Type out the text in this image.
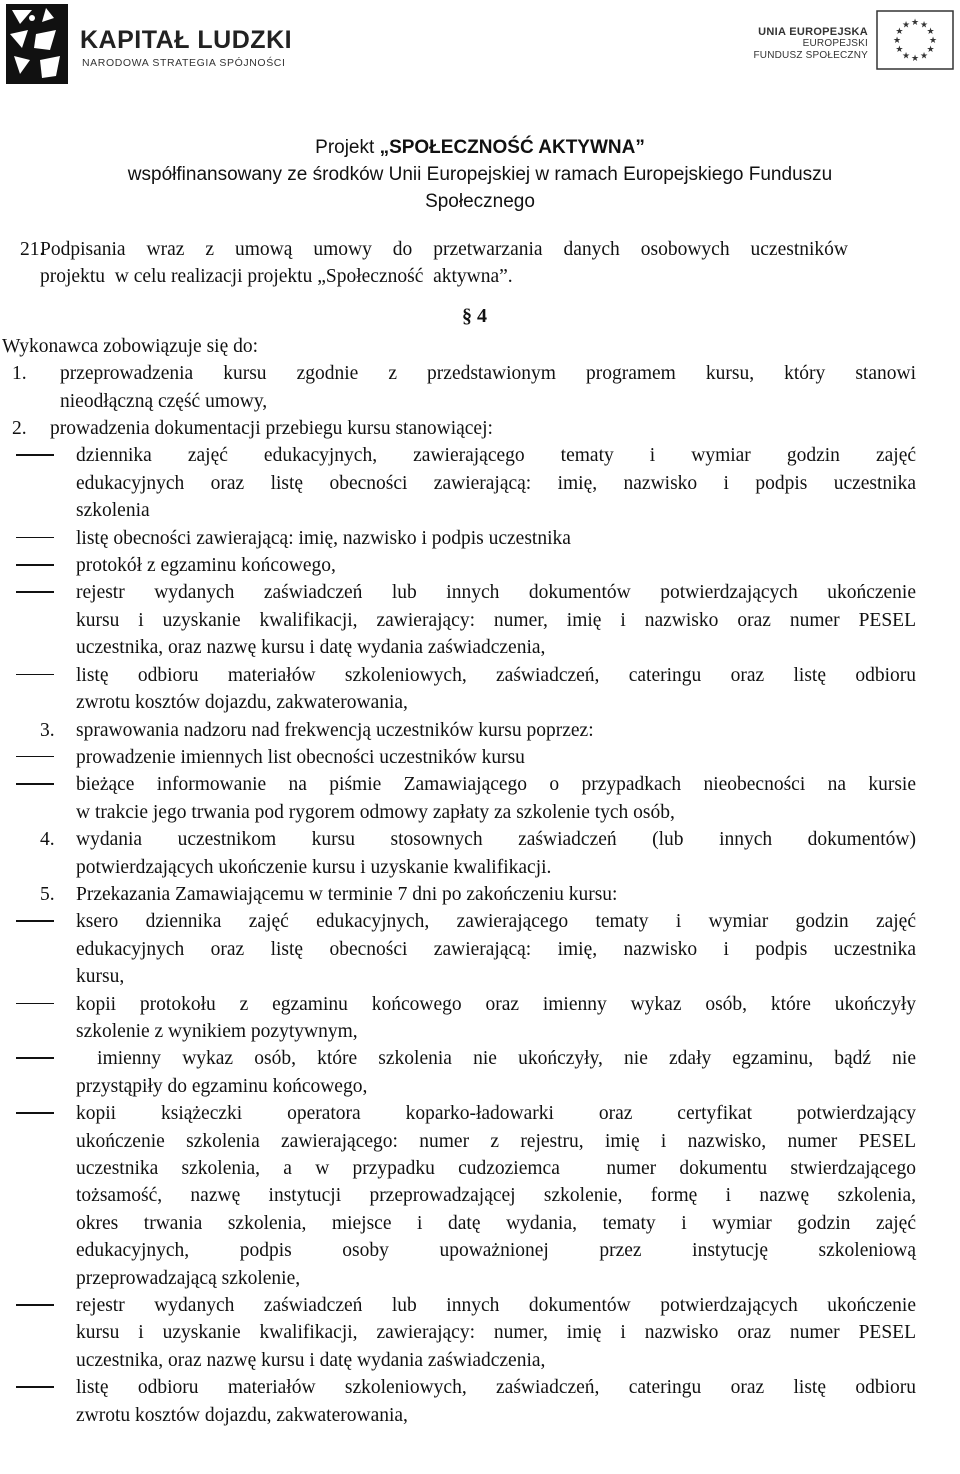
KAPITAŁ LUDZKI
NARODOWA STRATEGIA SPÓJNOŚCI
UNIA EUROPEJSKA
EUROPEJSKI
FUNDUSZ SPOŁECZNY
★ ★
★
★
★
★
★
★
★
★
★
★
Projekt „SPOŁECZNOŚĆ AKTYWNA”
współfinansowany ze środków Unii Europejskiej w ramach Europejskiego Funduszu
Społecznego
Podpisania wraz z umową umowy do przetwarzania danych osobowych uczestników
projektu  w celu realizacji projektu „Społeczność  aktywna”.
21.
§ 4
Wykonawca zobowiązuje się do:
przeprowadzenia kursu zgodnie z przedstawionym programem kursu, który stanowi
nieodłączną część umowy,
1.
prowadzenia dokumentacji przebiegu kursu stanowiącej:
2.
dziennika zajęć edukacyjnych, zawierającego tematy i wymiar godzin zajęć
edukacyjnych oraz listę obecności zawierającą: imię, nazwisko i podpis uczestnika
szkolenia
listę obecności zawierającą: imię, nazwisko i podpis uczestnika
protokół z egzaminu końcowego,
rejestr wydanych zaświadczeń lub innych dokumentów potwierdzających ukończenie
kursu i uzyskanie kwalifikacji, zawierający: numer, imię i nazwisko oraz numer PESEL
uczestnika, oraz nazwę kursu i datę wydania zaświadczenia,
listę odbioru materiałów szkoleniowych, zaświadczeń, cateringu oraz listę odbioru
zwrotu kosztów dojazdu, zakwaterowania,
sprawowania nadzoru nad frekwencją uczestników kursu poprzez:
3.
prowadzenie imiennych list obecności uczestników kursu
bieżące informowanie na piśmie Zamawiającego o przypadkach nieobecności na kursie
w trakcie jego trwania pod rygorem odmowy zapłaty za szkolenie tych osób,
wydania uczestnikom kursu stosownych zaświadczeń (lub innych dokumentów)
potwierdzających ukończenie kursu i uzyskanie kwalifikacji.
4.
Przekazania Zamawiającemu w terminie 7 dni po zakończeniu kursu:
5.
ksero dziennika zajęć edukacyjnych, zawierającego tematy i wymiar godzin zajęć
edukacyjnych oraz listę obecności zawierającą: imię, nazwisko i podpis uczestnika
kursu,
kopii protokołu z egzaminu końcowego oraz imienny wykaz osób, które ukończyły
szkolenie z wynikiem pozytywnym,
imienny wykaz osób, które szkolenia nie ukończyły, nie zdały egzaminu, bądź nie
przystąpiły do egzaminu końcowego,
kopii książeczki operatora koparko-ładowarki oraz certyfikat potwierdzający
ukończenie szkolenia zawierającego: numer z rejestru, imię i nazwisko, numer PESEL
uczestnika szkolenia, a w przypadku cudzoziemca  numer dokumentu stwierdzającego
tożsamość, nazwę instytucji przeprowadzającej szkolenie, formę i nazwę szkolenia,
okres trwania szkolenia, miejsce i datę wydania, tematy i wymiar godzin zajęć
edukacyjnych, podpis osoby upoważnionej przez instytucję szkoleniową
przeprowadzającą szkolenie,
rejestr wydanych zaświadczeń lub innych dokumentów potwierdzających ukończenie
kursu i uzyskanie kwalifikacji, zawierający: numer, imię i nazwisko oraz numer PESEL
uczestnika, oraz nazwę kursu i datę wydania zaświadczenia,
listę odbioru materiałów szkoleniowych, zaświadczeń, cateringu oraz listę odbioru
zwrotu kosztów dojazdu, zakwaterowania,
